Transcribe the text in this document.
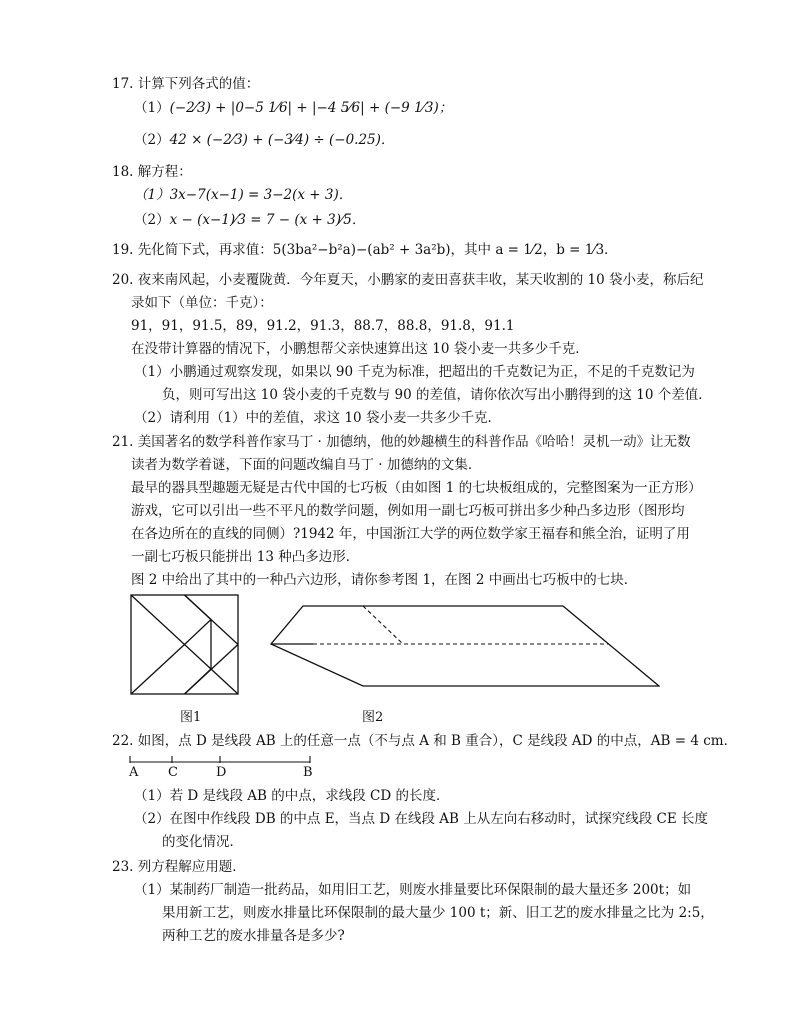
17. 计算下列各式的值：
（1）(−2⁄3) + |0−5 1⁄6| + |−4 5⁄6| + (−9 1⁄3)；
（2）42 × (−2⁄3) + (−3⁄4) ÷ (−0.25)．
18. 解方程：
（1）3x−7(x−1) = 3−2(x + 3)．
（2）x − (x−1)⁄3 = 7 − (x + 3)⁄5．
19. 先化简下式，再求值：5(3ba²−b²a)−(ab² + 3a²b)，其中 a = 1⁄2，b = 1⁄3．
20. 夜来南风起，小麦覆陇黄．今年夏天，小鹏家的麦田喜获丰收，某天收割的 10 袋小麦，称后纪
录如下（单位：千克）：
91，91，91.5，89，91.2，91.3，88.7，88.8，91.8，91.1
在没带计算器的情况下，小鹏想帮父亲快速算出这 10 袋小麦一共多少千克．
（1）小鹏通过观察发现，如果以 90 千克为标准，把超出的千克数记为正，不足的千克数记为
负，则可写出这 10 袋小麦的千克数与 90 的差值，请你依次写出小鹏得到的这 10 个差值．
（2）请利用（1）中的差值，求这 10 袋小麦一共多少千克．
21. 美国著名的数学科普作家马丁 · 加德纳，他的妙趣横生的科普作品《哈哈！灵机一动》让无数
读者为数学着谜，下面的问题改编自马丁 · 加德纳的文集．
最早的器具型趣题无疑是古代中国的七巧板（由如图 1 的七块板组成的，完整图案为一正方形）
游戏，它可以引出一些不平凡的数学问题，例如用一副七巧板可拼出多少种凸多边形（图形均
在各边所在的直线的同侧）?1942 年，中国浙江大学的两位数学家王福春和熊全治，证明了用
一副七巧板只能拼出 13 种凸多边形．
图 2 中给出了其中的一种凸六边形，请你参考图 1，在图 2 中画出七巧板中的七块．
图1	图2
22. 如图，点 D 是线段 AB 上的任意一点（不与点 A 和 B 重合），C 是线段 AD 的中点，AB = 4 cm．
A C	D	B
（1）若 D 是线段 AB 的中点，求线段 CD 的长度．
（2）在图中作线段 DB 的中点 E，当点 D 在线段 AB 上从左向右移动时，试探究线段 CE 长度
的变化情况．
23. 列方程解应用题．
（1）某制药厂制造一批药品，如用旧工艺，则废水排量要比环保限制的最大量还多 200t；如
果用新工艺，则废水排量比环保限制的最大量少 100 t；新、旧工艺的废水排量之比为 2:5，
两种工艺的废水排量各是多少?
